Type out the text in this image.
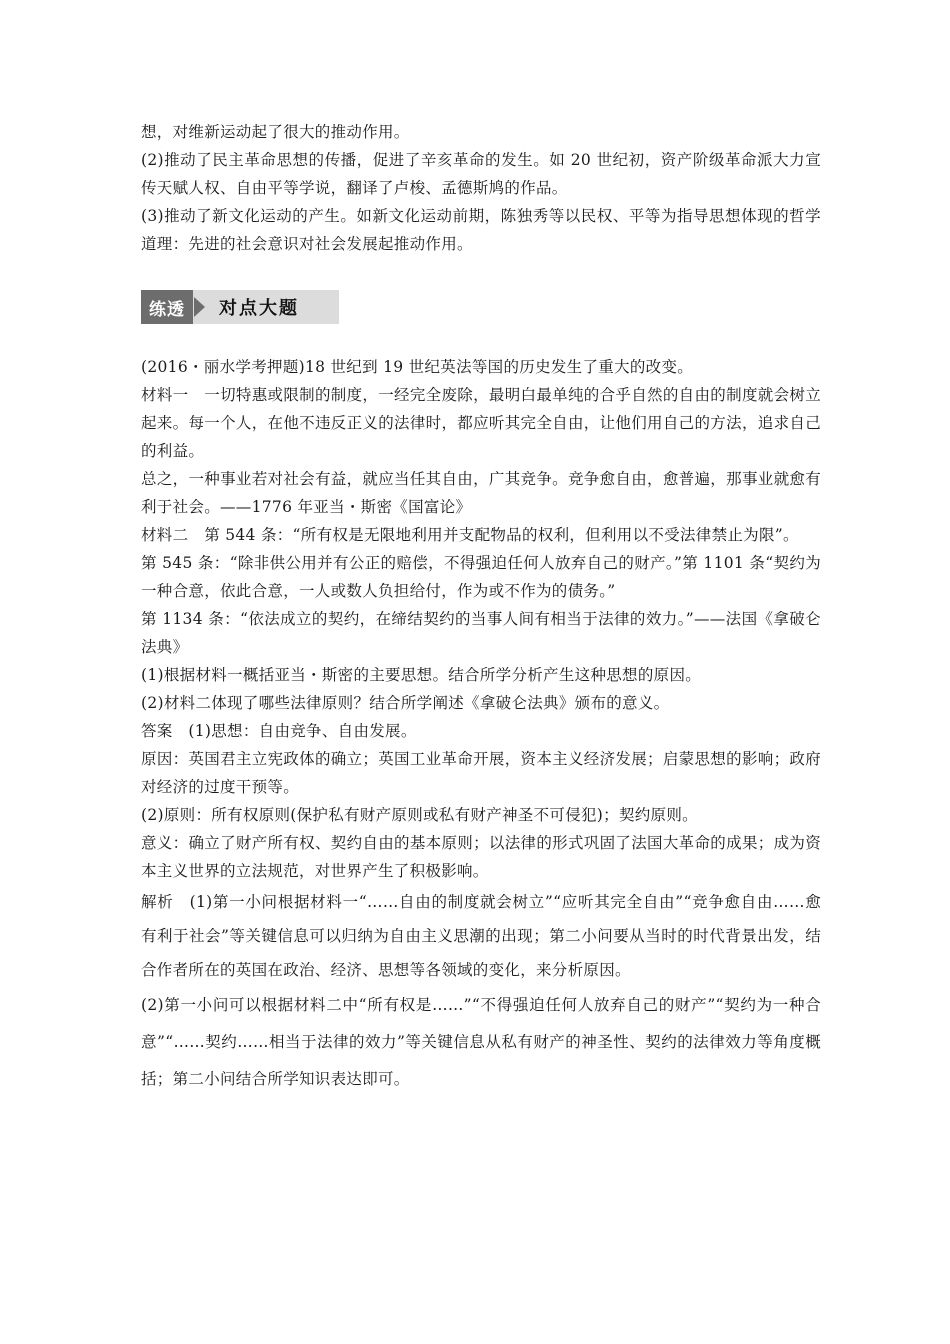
想，对维新运动起了很大的推动作用。

(2)推动了民主革命思想的传播，促进了辛亥革命的发生。如 20 世纪初，资产阶级革命派大力宣传天赋人权、自由平等学说，翻译了卢梭、孟德斯鸠的作品。

(3)推动了新文化运动的产生。如新文化运动前期，陈独秀等以民权、平等为指导思想体现的哲学道理：先进的社会意识对社会发展起推动作用。

练透	对点大题

(2016・丽水学考押题)18 世纪到 19 世纪英法等国的历史发生了重大的改变。

材料一　一切特惠或限制的制度，一经完全废除，最明白最单纯的合乎自然的自由的制度就会树立起来。每一个人，在他不违反正义的法律时，都应听其完全自由，让他们用自己的方法，追求自己的利益。

总之，一种事业若对社会有益，就应当任其自由，广其竞争。竞争愈自由，愈普遍，那事业就愈有利于社会。——1776 年亚当・斯密《国富论》

材料二　第 544 条：“所有权是无限地利用并支配物品的权利，但利用以不受法律禁止为限”。

第 545 条：“除非供公用并有公正的赔偿，不得强迫任何人放弃自己的财产。”第 1101 条“契约为一种合意，依此合意，一人或数人负担给付，作为或不作为的债务。”

第 1134 条：“依法成立的契约，在缔结契约的当事人间有相当于法律的效力。”——法国《拿破仑法典》

(1)根据材料一概括亚当・斯密的主要思想。结合所学分析产生这种思想的原因。

(2)材料二体现了哪些法律原则？结合所学阐述《拿破仑法典》颁布的意义。

答案　(1)思想：自由竞争、自由发展。

原因：英国君主立宪政体的确立；英国工业革命开展，资本主义经济发展；启蒙思想的影响；政府对经济的过度干预等。

(2)原则：所有权原则(保护私有财产原则或私有财产神圣不可侵犯)；契约原则。

意义：确立了财产所有权、契约自由的基本原则；以法律的形式巩固了法国大革命的成果；成为资本主义世界的立法规范，对世界产生了积极影响。

解析　(1)第一小问根据材料一“……自由的制度就会树立”“应听其完全自由”“竞争愈自由……愈有利于社会”等关键信息可以归纳为自由主义思潮的出现；第二小问要从当时的时代背景出发，结合作者所在的英国在政治、经济、思想等各领域的变化，来分析原因。

(2)第一小问可以根据材料二中“所有权是……”“不得强迫任何人放弃自己的财产”“契约为一种合意”“……契约……相当于法律的效力”等关键信息从私有财产的神圣性、契约的法律效力等角度概括；第二小问结合所学知识表达即可。
